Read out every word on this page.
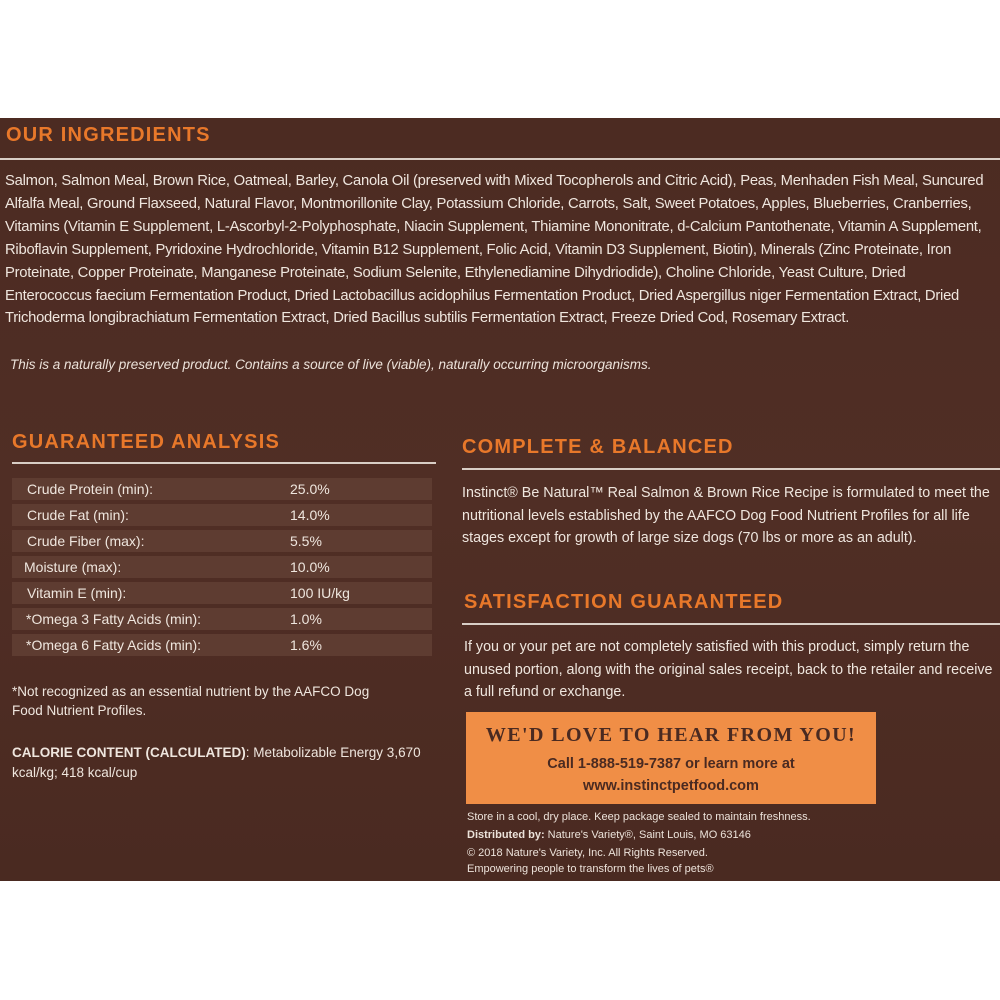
OUR INGREDIENTS

Salmon, Salmon Meal, Brown Rice, Oatmeal, Barley, Canola Oil (preserved with Mixed Tocopherols and Citric Acid), Peas, Menhaden Fish Meal, Suncured Alfalfa Meal, Ground Flaxseed, Natural Flavor, Montmorillonite Clay, Potassium Chloride, Carrots, Salt, Sweet Potatoes, Apples, Blueberries, Cranberries, Vitamins (Vitamin E Supplement, L-Ascorbyl-2-Polyphosphate, Niacin Supplement, Thiamine Mononitrate, d-Calcium Pantothenate, Vitamin A Supplement, Riboflavin Supplement, Pyridoxine Hydrochloride, Vitamin B12 Supplement, Folic Acid, Vitamin D3 Supplement, Biotin), Minerals (Zinc Proteinate, Iron Proteinate, Copper Proteinate, Manganese Proteinate, Sodium Selenite, Ethylenediamine Dihydriodide), Choline Chloride, Yeast Culture, Dried Enterococcus faecium Fermentation Product, Dried Lactobacillus acidophilus Fermentation Product, Dried Aspergillus niger Fermentation Extract, Dried Trichoderma longibrachiatum Fermentation Extract, Dried Bacillus subtilis Fermentation Extract, Freeze Dried Cod, Rosemary Extract.

This is a naturally preserved product. Contains a source of live (viable), naturally occurring microorganisms.

GUARANTEED ANALYSIS
Crude Protein (min):	25.0%
Crude Fat (min):	14.0%
Crude Fiber (max):	5.5%
Moisture (max):	10.0%
Vitamin E (min):	100 IU/kg
*Omega 3 Fatty Acids (min):	1.0%
*Omega 6 Fatty Acids (min):	1.6%

*Not recognized as an essential nutrient by the AAFCO Dog Food Nutrient Profiles.

CALORIE CONTENT (CALCULATED): Metabolizable Energy 3,670 kcal/kg; 418 kcal/cup

COMPLETE & BALANCED

Instinct® Be Natural™ Real Salmon & Brown Rice Recipe is formulated to meet the nutritional levels established by the AAFCO Dog Food Nutrient Profiles for all life stages except for growth of large size dogs (70 lbs or more as an adult).

SATISFACTION GUARANTEED

If you or your pet are not completely satisfied with this product, simply return the unused portion, along with the original sales receipt, back to the retailer and receive a full refund or exchange.

WE'D LOVE TO HEAR FROM YOU!
Call 1-888-519-7387 or learn more at
www.instinctpetfood.com

Store in a cool, dry place. Keep package sealed to maintain freshness.

Distributed by: Nature's Variety®, Saint Louis, MO 63146

© 2018 Nature's Variety, Inc. All Rights Reserved.

Empowering people to transform the lives of pets®
